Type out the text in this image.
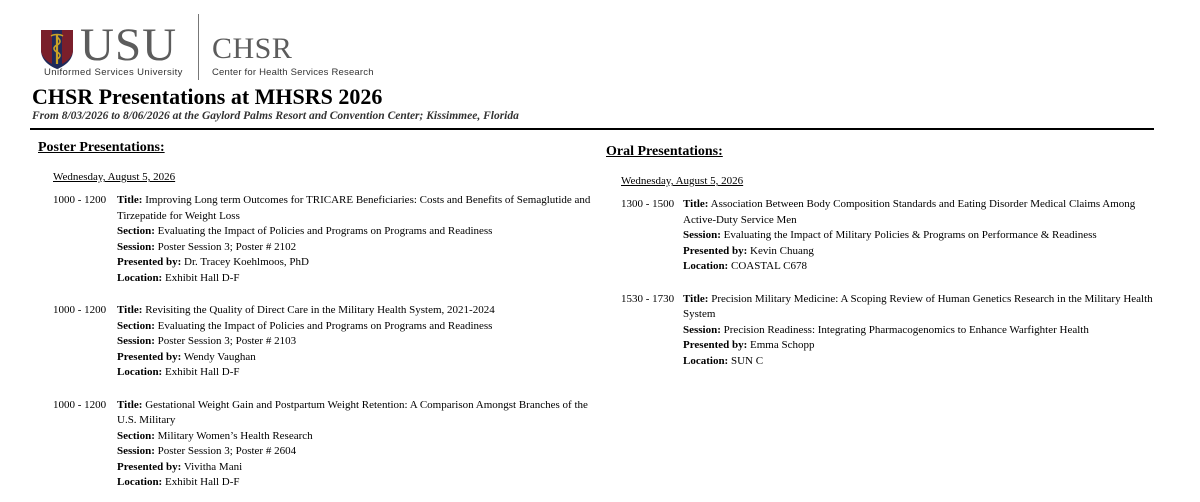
USU
Uniformed Services University
CHSR
Center for Health Services Research
CHSR Presentations at MHSRS 2026
From 8/03/2026 to 8/06/2026 at the Gaylord Palms Resort and Convention Center; Kissimmee, Florida
Poster Presentations:
Wednesday, August 5, 2026
1000 - 1200 Title: Improving Long term Outcomes for TRICARE Beneficiaries: Costs and Benefits of Semaglutide and Tirzepatide for Weight Loss
Section: Evaluating the Impact of Policies and Programs on Programs and Readiness
Session: Poster Session 3; Poster # 2102
Presented by: Dr. Tracey Koehlmoos, PhD
Location: Exhibit Hall D-F
1000 - 1200 Title: Revisiting the Quality of Direct Care in the Military Health System, 2021-2024
Section: Evaluating the Impact of Policies and Programs on Programs and Readiness
Session: Poster Session 3; Poster # 2103
Presented by: Wendy Vaughan
Location: Exhibit Hall D-F
1000 - 1200 Title: Gestational Weight Gain and Postpartum Weight Retention: A Comparison Amongst Branches of the U.S. Military
Section: Military Women’s Health Research
Session: Poster Session 3; Poster # 2604
Presented by: Vivitha Mani
Location: Exhibit Hall D-F
Oral Presentations:
Wednesday, August 5, 2026
1300 - 1500 Title: Association Between Body Composition Standards and Eating Disorder Medical Claims Among Active-Duty Service Men
Session: Evaluating the Impact of Military Policies & Programs on Performance & Readiness
Presented by: Kevin Chuang
Location: COASTAL C678
1530 - 1730 Title: Precision Military Medicine: A Scoping Review of Human Genetics Research in the Military Health System
Session: Precision Readiness: Integrating Pharmacogenomics to Enhance Warfighter Health
Presented by: Emma Schopp
Location: SUN C
